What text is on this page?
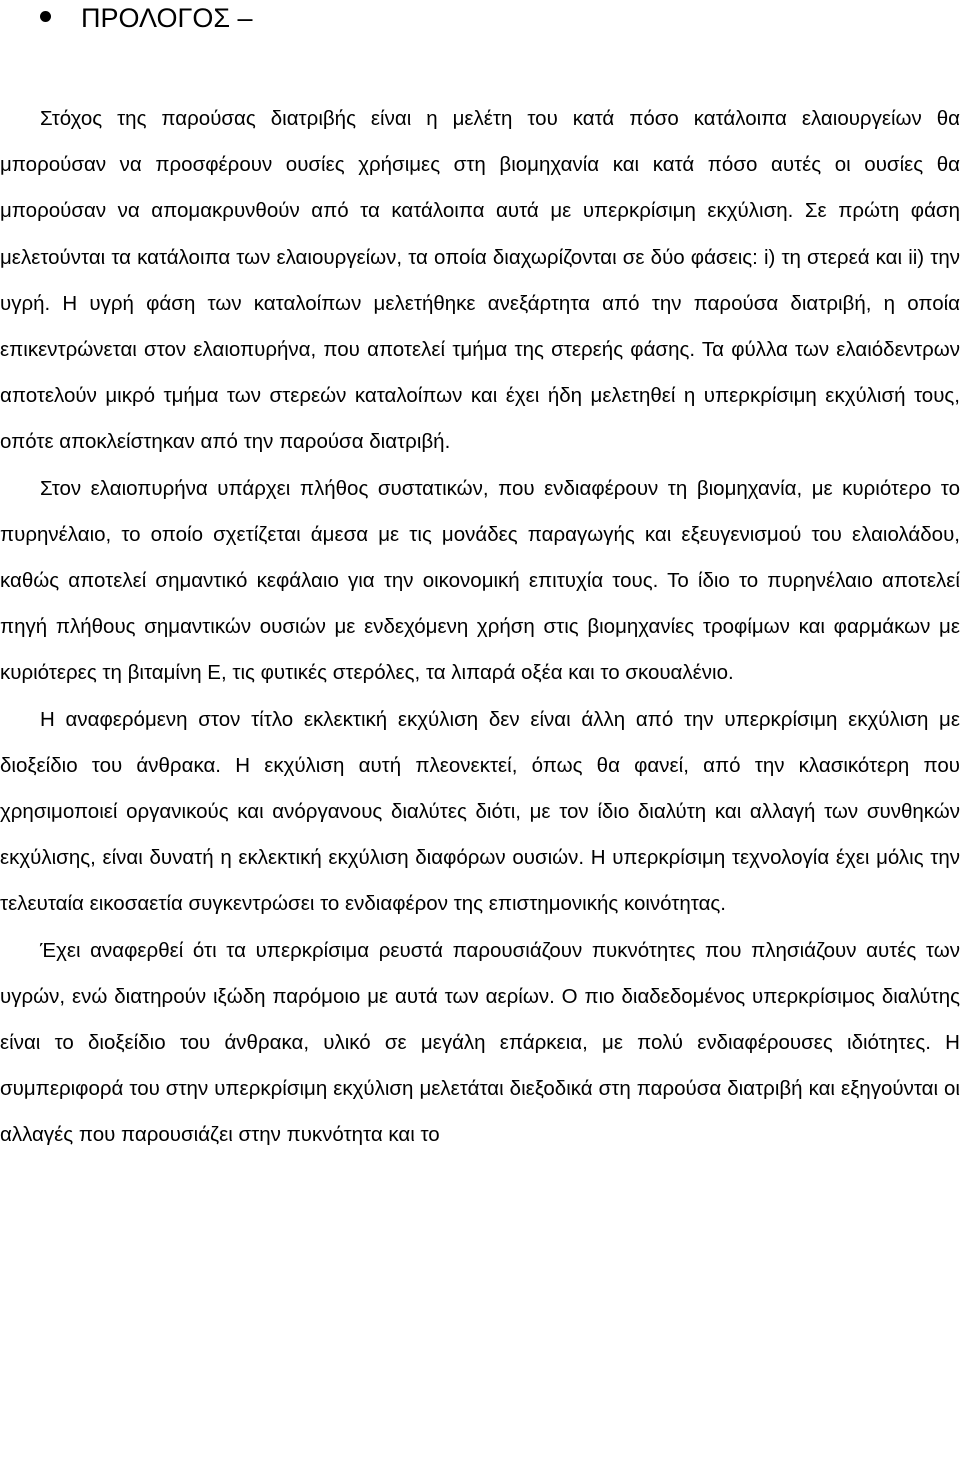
ΠΡΟΛΟΓΟΣ –

Στόχος της παρούσας διατριβής είναι η μελέτη του κατά πόσο κατάλοιπα ελαιουργείων θα μπορούσαν να προσφέρουν ουσίες χρήσιμες στη βιομηχανία και κατά πόσο αυτές οι ουσίες θα μπορούσαν να απομακρυνθούν από τα κατάλοιπα αυτά με υπερκρίσιμη εκχύλιση. Σε πρώτη φάση μελετούνται τα κατάλοιπα των ελαιουργείων, τα οποία διαχωρίζονται σε δύο φάσεις: i) τη στερεά και ii) την υγρή. Η υγρή φάση των καταλοίπων μελετήθηκε ανεξάρτητα από την παρούσα διατριβή, η οποία επικεντρώνεται στον ελαιοπυρήνα, που αποτελεί τμήμα της στερεής φάσης. Τα φύλλα των ελαιόδεντρων αποτελούν μικρό τμήμα των στερεών καταλοίπων και έχει ήδη μελετηθεί η υπερκρίσιμη εκχύλισή τους, οπότε αποκλείστηκαν από την παρούσα διατριβή.

Στον ελαιοπυρήνα υπάρχει πλήθος συστατικών, που ενδιαφέρουν τη βιομηχανία, με κυριότερο το πυρηνέλαιο, το οποίο σχετίζεται άμεσα με τις μονάδες παραγωγής και εξευγενισμού του ελαιολάδου, καθώς αποτελεί σημαντικό κεφάλαιο για την οικονομική επιτυχία τους. Το ίδιο το πυρηνέλαιο αποτελεί πηγή πλήθους σημαντικών ουσιών με ενδεχόμενη χρήση στις βιομηχανίες τροφίμων και φαρμάκων με κυριότερες τη βιταμίνη Ε, τις φυτικές στερόλες, τα λιπαρά οξέα και το σκουαλένιο.

Η αναφερόμενη στον τίτλο εκλεκτική εκχύλιση δεν είναι άλλη από την υπερκρίσιμη εκχύλιση με διοξείδιο του άνθρακα. Η εκχύλιση αυτή πλεονεκτεί, όπως θα φανεί, από την κλασικότερη που χρησιμοποιεί οργανικούς και ανόργανους διαλύτες διότι, με τον ίδιο διαλύτη και αλλαγή των συνθηκών εκχύλισης, είναι δυνατή η εκλεκτική εκχύλιση διαφόρων ουσιών. Η υπερκρίσιμη τεχνολογία έχει μόλις την τελευταία εικοσαετία συγκεντρώσει το ενδιαφέρον της επιστημονικής κοινότητας.

Έχει αναφερθεί ότι τα υπερκρίσιμα ρευστά παρουσιάζουν πυκνότητες που πλησιάζουν αυτές των υγρών, ενώ διατηρούν ιξώδη παρόμοιο με αυτά των αερίων. Ο πιο διαδεδομένος υπερκρίσιμος διαλύτης είναι το διοξείδιο του άνθρακα, υλικό σε μεγάλη επάρκεια, με πολύ ενδιαφέρουσες ιδιότητες. Η συμπεριφορά του στην υπερκρίσιμη εκχύλιση μελετάται διεξοδικά στη παρούσα διατριβή και εξηγούνται οι αλλαγές που παρουσιάζει στην πυκνότητα και το
